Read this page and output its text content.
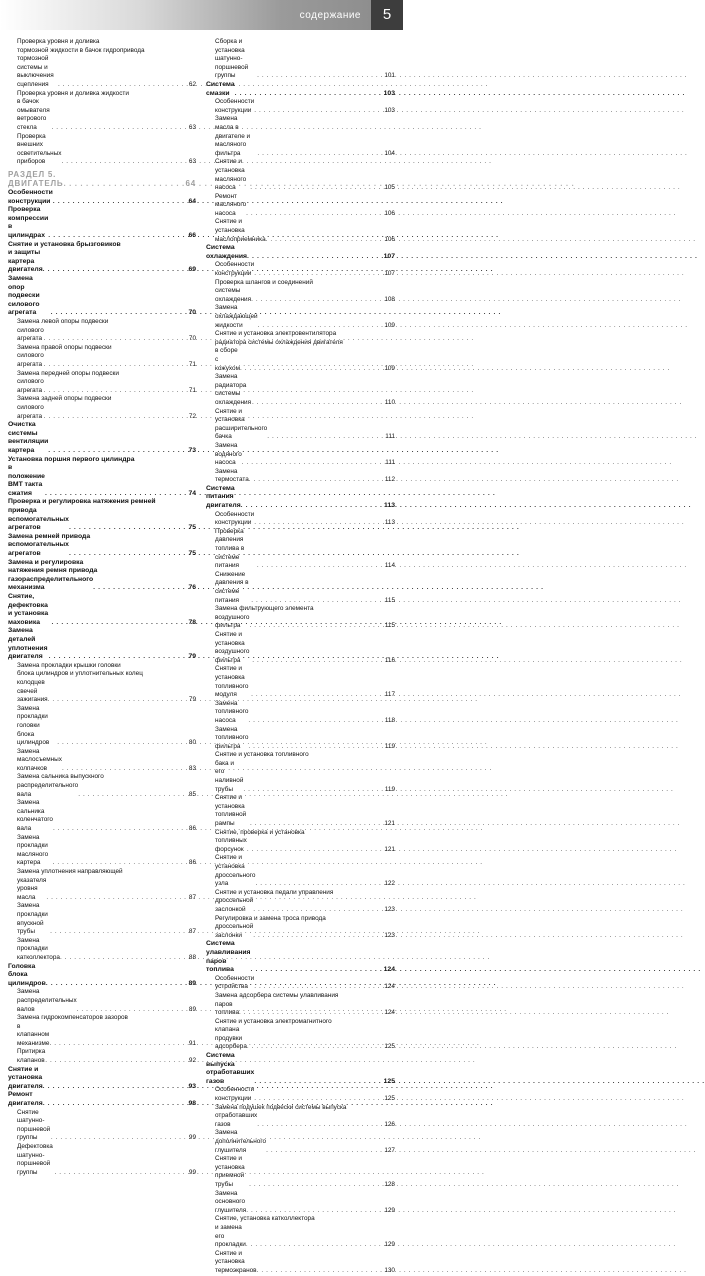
содержание	5
Проверка уровня и доливка
тормозной жидкости в бачок гидропривода
тормозной системы и выключения сцепления . . .	62
Проверка уровня и доливка жидкости
в бачок омывателя ветрового стекла . . .	63
Проверка внешних осветительных приборов . . .	63
РАЗДЕЛ 5. ДВИГАТЕЛЬ . . .	64
Особенности конструкции . . .	64
Проверка компрессии в цилиндрах . . .	66
Снятие и установка брызговиков
и защиты картера двигателя . . .	69
Замена опор подвески силового агрегата . . .	70
Замена левой опоры подвески
силового агрегата . . .	70
Замена правой опоры подвески
силового агрегата . . .	71
Замена передней опоры подвески
силового агрегата . . .	71
Замена задней опоры подвески
силового агрегата . . .	72
Очистка системы вентиляции картера . . .	73
Установка поршня первого цилиндра
в положение ВМТ такта сжатия . . .	74
Проверка и регулировка натяжения ремней
привода вспомогательных агрегатов . . .	75
Замена ремней привода
вспомогательных агрегатов . . .	75
Замена и регулировка
натяжения ремня привода
газораспределительного механизма . . .	76
Снятие, дефектовка и установка маховика . . .	78
Замена деталей уплотнения двигателя . . .	79
Замена прокладки крышки головки
блока цилиндров и уплотнительных колец
колодцев свечей зажигания . . .	79
Замена прокладки головки блока цилиндров . . .	80
Замена маслосъемных колпачков . . .	83
Замена сальника выпускного
распределительного вала . . .	85
Замена сальника коленчатого вала . . .	86
Замена прокладки масляного картера . . .	86
Замена уплотнения направляющей
указателя уровня масла . . .	87
Замена прокладки впускной трубы . . .	87
Замена прокладки катколлектора . . .	88
Головка блока цилиндров . . .	89
Замена распределительных валов . . .	89
Замена гидрокомпенсаторов зазоров
в клапанном механизме . . .	91
Притирка клапанов . . .	92
Снятие и установка двигателя . . .	93
Ремонт двигателя . . .	98
Снятие шатунно-поршневой группы . . .	99
Дефектовка шатунно-поршневой группы . . .	99
Сборка и установка шатунно-поршневой группы . . .	101
Система смазки . . .	103
Особенности конструкции . . .	103
Замена масла в двигателе и масляного фильтра . . .	104
Снятие и установка масляного насоса . . .	105
Ремонт масляного насоса . . .	106
Снятие и установка маслоприемника . . .	106
Система охлаждения . . .	107
Особенности конструкции . . .	107
Проверка шлангов и соединений
системы охлаждения . . .	108
Замена охлаждающей жидкости . . .	109
Снятие и установка электровентилятора
радиатора системы охлаждения двигателя
в сборе с кожухом . . .	109
Замена радиатора системы охлаждения . . .	110
Снятие и установка расширительного бачка . . .	111
Замена водяного насоса . . .	111
Замена термостата . . .	112
Система питания двигателя . . .	113
Особенности конструкции . . .	113
Проверка давления топлива в системе питания . . .	114
Снижение давления в системе питания . . .	115
Замена фильтрующего элемента
воздушного фильтра . . .	115
Снятие и установка воздушного фильтра . . .	116
Снятие и установка топливного модуля . . .	117
Замена топливного насоса . . .	118
Замена топливного фильтра . . .	119
Снятие и установка топливного
бака и его наливной трубы . . .	119
Снятие и установка топливной рампы . . .	121
Снятие, проверка и установка
топливных форсунок . . .	121
Снятие и установка дроссельного узла . . .	122
Снятие и установка педали управления
дроссельной заслонкой . . .	123
Регулировка и замена троса привода
дроссельной заслонки . . .	123
Система улавливания паров топлива . . .	124
Особенности устройства . . .	124
Замена адсорбера системы улавливания
паров топлива . . .	124
Снятие и установка электромагнитного
клапана продувки адсорбера . . .	125
Система выпуска отработавших газов . . .	125
Особенности конструкции . . .	125
Замена подушек подвески системы выпуска
отработавших газов . . .	126
Замена дополнительного глушителя . . .	127
Снятие и установка приемной трубы . . .	128
Замена основного глушителя . . .	129
Снятие, установка катколлектора
и замена его прокладки . . .	129
Снятие и установка термоэкранов . . .	130
